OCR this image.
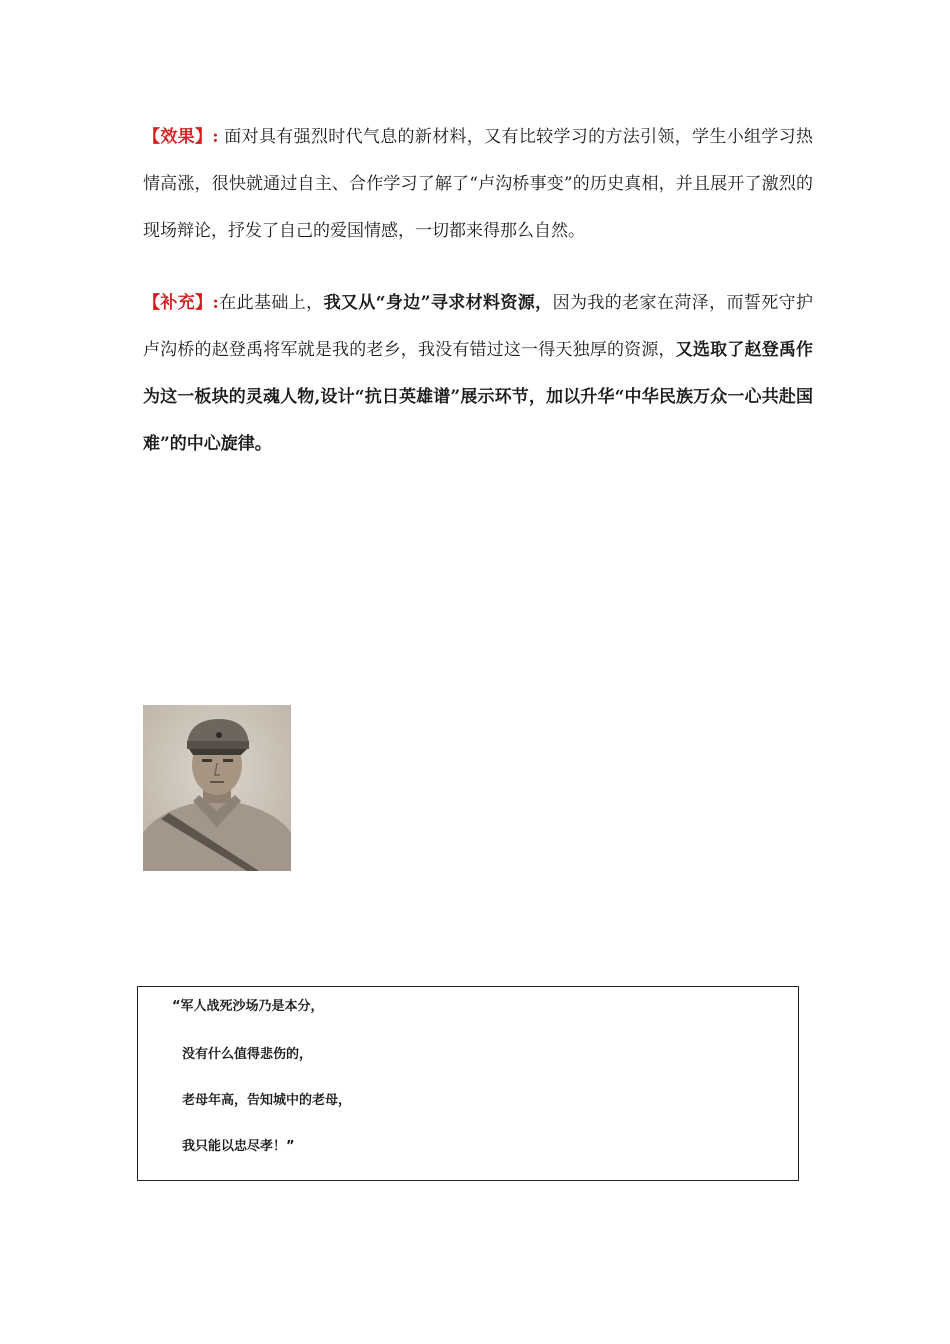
【效果】: 面对具有强烈时代气息的新材料，又有比较学习的方法引领，学生小组学习热情高涨，很快就通过自主、合作学习了解了“卢沟桥事变”的历史真相，并且展开了激烈的现场辩论，抒发了自己的爱国情感，一切都来得那么自然。

【补充】:在此基础上，我又从“身边”寻求材料资源，因为我的老家在菏泽，而誓死守护卢沟桥的赵登禹将军就是我的老乡，我没有错过这一得天独厚的资源，又选取了赵登禹作为这一板块的灵魂人物,设计“抗日英雄谱”展示环节，加以升华“中华民族万众一心共赴国难”的中心旋律。

“军人战死沙场乃是本分，
没有什么值得悲伤的，
老母年高，告知城中的老母，
我只能以忠尽孝！”
